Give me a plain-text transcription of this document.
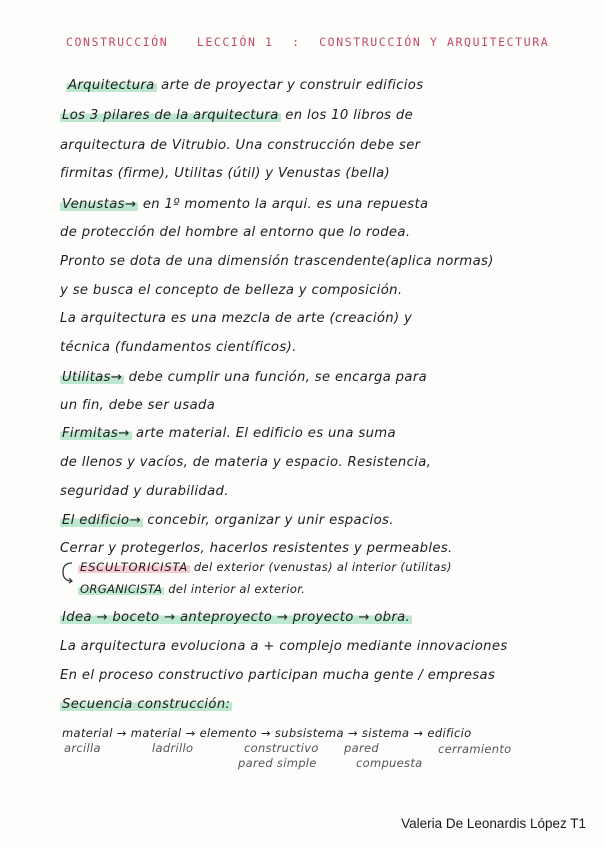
CONSTRUCCIÓN LECCIÓN 1 : CONSTRUCCIÓN Y ARQUITECTURA
Arquitectura arte de proyectar y construir edificios
Los 3 pilares de la arquitectura en los 10 libros de
arquitectura de Vitrubio. Una construcción debe ser
firmitas (firme), Utilitas (útil) y Venustas (bella)
Venustas→ en 1º momento la arqui. es una repuesta
de protección del hombre al entorno que lo rodea.
Pronto se dota de una dimensión trascendente(aplica normas)
y se busca el concepto de belleza y composición.
La arquitectura es una mezcla de arte (creación) y
técnica (fundamentos científicos).
Utilitas→ debe cumplir una función, se encarga para
un fin, debe ser usada
Firmitas→ arte material. El edificio es una suma
de llenos y vacíos, de materia y espacio. Resistencia,
seguridad y durabilidad.
El edificio→ concebir, organizar y unir espacios.
Cerrar y protegerlos, hacerlos resistentes y permeables.
ESCULTORICISTA del exterior (venustas) al interior (utilitas)
ORGANICISTA del interior al exterior.
Idea → boceto → anteproyecto → proyecto → obra.
La arquitectura evoluciona a + complejo mediante innovaciones
En el proceso constructivo participan mucha gente / empresas
Secuencia construcción:
material → material → elemento → subsistema → sistema → edificio
arcilla	ladrillo	constructivo
pared simple
pared
compuesta
cerramiento
Valeria De Leonardis López T1
